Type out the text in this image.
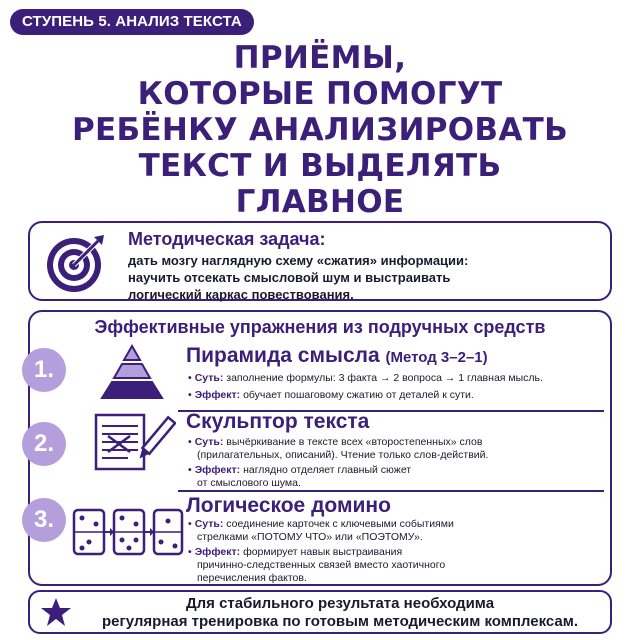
СТУПЕНЬ 5. АНАЛИЗ ТЕКСТА
ПРИЁМЫ,
КОТОРЫЕ ПОМОГУТ
РЕБЁНКУ АНАЛИЗИРОВАТЬ
ТЕКСТ И ВЫДЕЛЯТЬ
ГЛАВНОЕ
Методическая задача:
дать мозгу наглядную схему «сжатия» информации:
научить отсекать смысловой шум и выстраивать
логический каркас повествования.
Эффективные упражнения из подручных средств
1.
Пирамида смысла (Метод 3–2–1)
• Суть: заполнение формулы: 3 факта → 2 вопроса → 1 главная мысль.
• Эффект: обучает пошаговому сжатию от деталей к сути.
2.
Скульптор текста
• Суть: вычёркивание в тексте всех «второстепенных» слов
(прилагательных, описаний). Чтение только слов-действий.
• Эффект: наглядно отделяет главный сюжет
от смыслового шума.
3.
Логическое домино
• Суть: соединение карточек с ключевыми событиями
стрелками «ПОТОМУ ЧТО» или «ПОЭТОМУ».
• Эффект: формирует навык выстраивания
причинно-следственных связей вместо хаотичного
перечисления фактов.
Для стабильного результата необходима
регулярная тренировка по готовым методическим комплексам.
